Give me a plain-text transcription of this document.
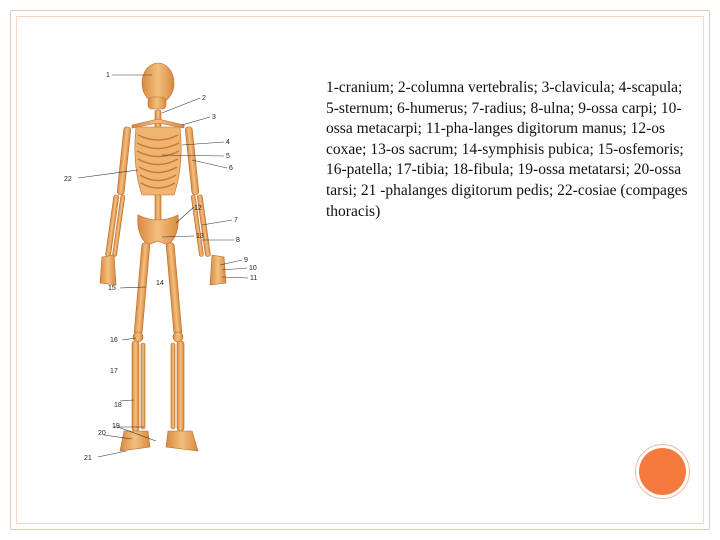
1
2
3
4
5
6
22
12
7
13
8
9
10
11
15
14
16
17
18
19
20
21
1-cranium; 2-columna vertebralis; 3-clavicula; 4-scapula; 5-sternum; 6-humerus; 7-radius; 8-ulna; 9-ossa carpi; 10-ossa metacarpi; 11-pha-langes digitorum manus; 12-os coxae; 13-os sacrum; 14-symphisis pubica; 15-osfemoris; 16-patella; 17-tibia; 18-fibula; 19-ossa metatarsi; 20-ossa tarsi; 21 -phalanges digitorum pedis; 22-cosiae (compages thoracis)
